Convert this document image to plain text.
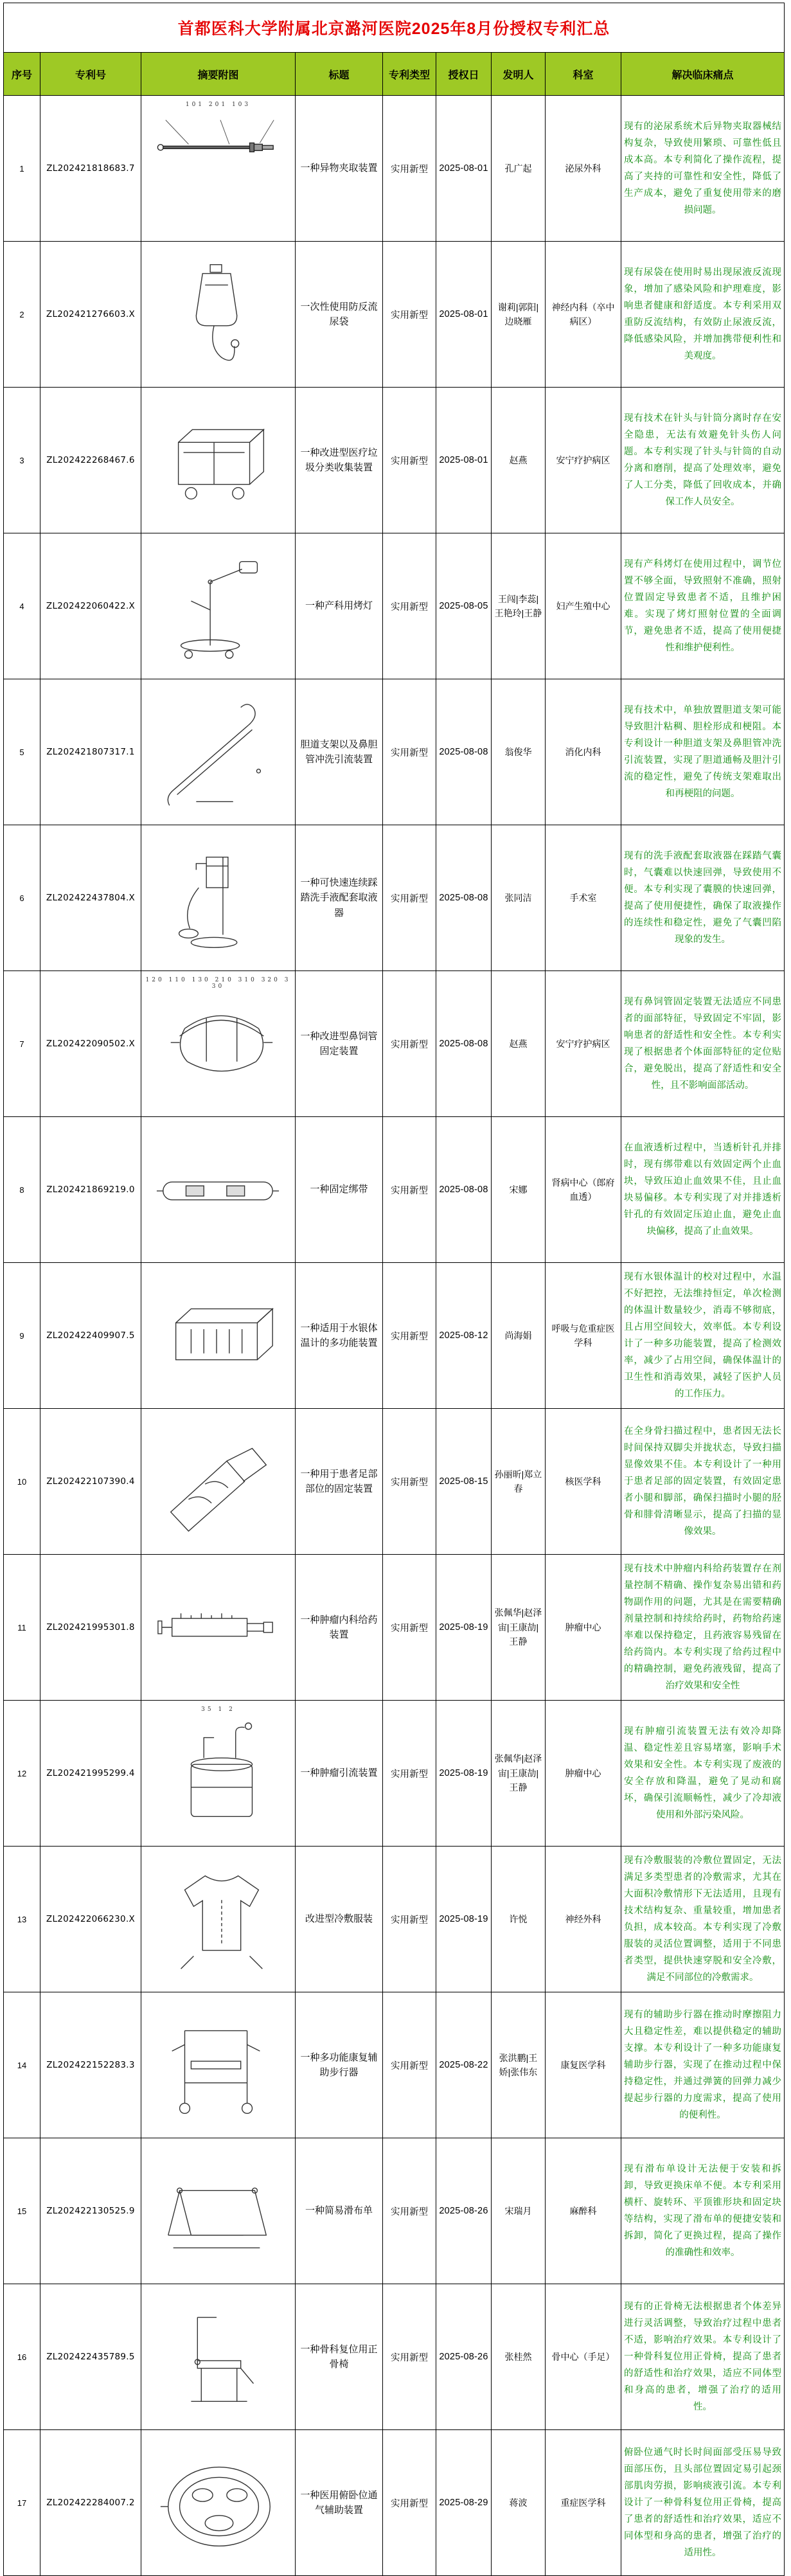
首都医科大学附属北京潞河医院2025年8月份授权专利汇总								
序号	专利号	摘要附图	标题	专利类型	授权日	发明人	科室	解决临床痛点
1	ZL202421818683.7	101 201 103	一种异物夹取装置	实用新型	2025-08-01	孔广起	泌尿外科	现有的泌尿系统术后异物夹取器械结构复杂，导致使用繁琐、可靠性低且成本高。本专利简化了操作流程，提高了夹持的可靠性和安全性，降低了生产成本，避免了重复使用带来的磨损问题。
2	ZL202421276603.X		一次性使用防反流尿袋	实用新型	2025-08-01	谢莉|郭阳|边晓雁	神经内科（卒中病区）	现有尿袋在使用时易出现尿液反流现象，增加了感染风险和护理难度，影响患者健康和舒适度。本专利采用双重防反流结构，有效防止尿液反流，降低感染风险，并增加携带便利性和美观度。
3	ZL202422268467.6		一种改进型医疗垃圾分类收集装置	实用新型	2025-08-01	赵燕	安宁疗护病区	现有技术在针头与针筒分离时存在安全隐患，无法有效避免针头伤人问题。本专利实现了针头与针筒的自动分离和磨削，提高了处理效率，避免了人工分类，降低了回收成本，并确保工作人员安全。
4	ZL202422060422.X		一种产科用烤灯	实用新型	2025-08-05	王闯|李蕊|王艳玲|王静	妇产生殖中心	现有产科烤灯在使用过程中，调节位置不够全面，导致照射不准确，照射位置固定导致患者不适，且维护困难。实现了烤灯照射位置的全面调节，避免患者不适，提高了使用便捷性和维护便利性。
5	ZL202421807317.1		胆道支架以及鼻胆管冲洗引流装置	实用新型	2025-08-08	翁俊华	消化内科	现有技术中，单独放置胆道支架可能导致胆汁粘稠、胆栓形成和梗阻。本专利设计一种胆道支架及鼻胆管冲洗引流装置，实现了胆道通畅及胆汁引流的稳定性，避免了传统支架难取出和再梗阻的问题。
6	ZL202422437804.X		一种可快速连续踩踏洗手液配套取液器	实用新型	2025-08-08	张同洁	手术室	现有的洗手液配套取液器在踩踏气囊时，气囊难以快速回弹，导致使用不便。本专利实现了囊膜的快速回弹，提高了使用便捷性，确保了取液操作的连续性和稳定性，避免了气囊凹陷现象的发生。
7	ZL202422090502.X	120 110 130 210 310 320 330	一种改进型鼻饲管固定装置	实用新型	2025-08-08	赵燕	安宁疗护病区	现有鼻饲管固定装置无法适应不同患者的面部特征，导致固定不牢固，影响患者的舒适性和安全性。本专利实现了根据患者个体面部特征的定位贴合，避免脱出，提高了舒适性和安全性，且不影响面部活动。
8	ZL202421869219.0		一种固定绑带	实用新型	2025-08-08	宋娜	肾病中心（郎府血透）	在血液透析过程中，当透析针孔并排时，现有绑带难以有效固定两个止血块，导致压迫止血效果不佳，且止血块易偏移。本专利实现了对并排透析针孔的有效固定压迫止血，避免止血块偏移，提高了止血效果。
9	ZL202422409907.5		一种适用于水银体温计的多功能装置	实用新型	2025-08-12	尚海娟	呼吸与危重症医学科	现有水银体温计的校对过程中，水温不好把控，无法维持恒定，单次检测的体温计数量较少，消毒不够彻底，且占用空间较大，效率低。本专利设计了一种多功能装置，提高了检测效率，减少了占用空间，确保体温计的卫生性和消毒效果，减轻了医护人员的工作压力。
10	ZL202422107390.4		一种用于患者足部部位的固定装置	实用新型	2025-08-15	孙丽昕|郑立春	核医学科	在全身骨扫描过程中，患者因无法长时间保持双脚尖并拢状态，导致扫描显像效果不佳。本专利设计了一种用于患者足部的固定装置，有效固定患者小腿和脚部，确保扫描时小腿的胫骨和腓骨清晰显示，提高了扫描的显像效果。
11	ZL202421995301.8		一种肿瘤内科给药装置	实用新型	2025-08-19	张佩华|赵泽宙|王康劼|王静	肿瘤中心	现有技术中肿瘤内科给药装置存在剂量控制不精确、操作复杂易出错和药物副作用的问题，尤其是在需要精确剂量控制和持续给药时，药物给药速率难以保持稳定，且药液容易残留在给药筒内。本专利实现了给药过程中的精确控制，避免药液残留，提高了治疗效果和安全性
12	ZL202421995299.4	35 1 2	一种肿瘤引流装置	实用新型	2025-08-19	张佩华|赵泽宙|王康劼|王静	肿瘤中心	现有肿瘤引流装置无法有效冷却降温、稳定性差且容易堵塞，影响手术效果和安全性。本专利实现了废液的安全存放和降温，避免了晃动和腐坏，确保引流顺畅性，减少了冷却液使用和外部污染风险。
13	ZL202422066230.X		改进型冷敷服装	实用新型	2025-08-19	许悦	神经外科	现有冷敷服装的冷敷位置固定，无法满足多类型患者的冷敷需求，尤其在大面积冷敷情形下无法适用，且现有技术结构复杂、重量较重，增加患者负担，成本较高。本专利实现了冷敷服装的灵活位置调整，适用于不同患者类型，提供快速穿脱和安全冷敷，满足不同部位的冷敷需求。
14	ZL202422152283.3		一种多功能康复辅助步行器	实用新型	2025-08-22	张洪鹏|王娇|张伟东	康复医学科	现有的辅助步行器在推动时摩擦阻力大且稳定性差，难以提供稳定的辅助支撑。本专利设计了一种多功能康复辅助步行器，实现了在推动过程中保持稳定性，并通过弹簧的回弹力减少提起步行器的力度需求，提高了使用的便利性。
15	ZL202422130525.9		一种简易滑布单	实用新型	2025-08-26	宋瑞月	麻醉科	现有滑布单设计无法便于安装和拆卸，导致更换床单不便。本专利采用横杆、旋转环、平顶锥形块和固定块等结构，实现了滑布单的便捷安装和拆卸，简化了更换过程，提高了操作的准确性和效率。
16	ZL202422435789.5		一种骨科复位用正骨椅	实用新型	2025-08-26	张桂然	骨中心（手足）	现有的正骨椅无法根据患者个体差异进行灵活调整，导致治疗过程中患者不适，影响治疗效果。本专利设计了一种骨科复位用正骨椅，提高了患者的舒适性和治疗效果，适应不同体型和身高的患者，增强了治疗的适用性。
17	ZL202422284007.2		一种医用俯卧位通气辅助装置	实用新型	2025-08-29	蒋波	重症医学科	俯卧位通气时长时间面部受压易导致面部压伤，且头部位置固定易引起颈部肌肉劳损，影响痰液引流。本专利设计了一种骨科复位用正骨椅，提高了患者的舒适性和治疗效果，适应不同体型和身高的患者，增强了治疗的适用性。
